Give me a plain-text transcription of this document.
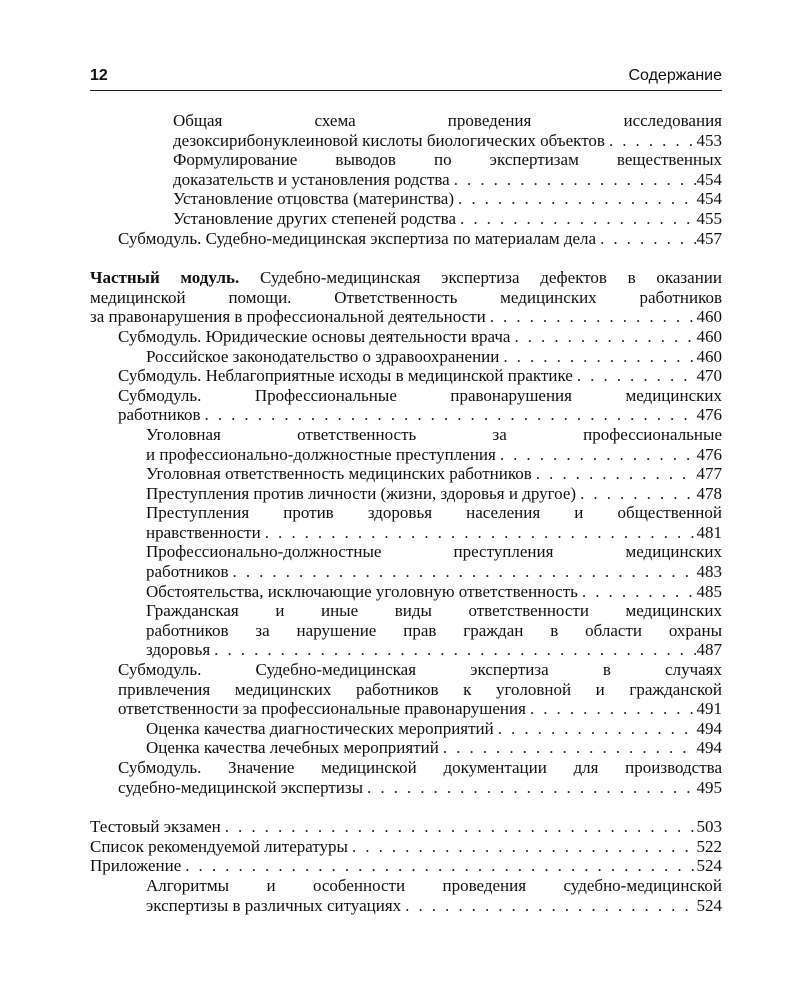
12	Содержание
Общая схема проведения исследования
дезоксирибонуклеиновой кислоты биологических объектов . . .	453
Формулирование выводов по экспертизам вещественных
доказательств и установления родства . . .	454
Установление отцовства (материнства) . . .	454
Установление других степеней родства . . .	455
Субмодуль. Судебно-медицинская экспертиза по материалам дела . . .	457
Частный модуль. Судебно-медицинская экспертиза дефектов в оказании
медицинской помощи. Ответственность медицинских работников
за правонарушения в профессиональной деятельности . . .	460
Субмодуль. Юридические основы деятельности врача . . .	460
Российское законодательство о здравоохранении . . .	460
Субмодуль. Неблагоприятные исходы в медицинской практике . . .	470
Субмодуль. Профессиональные правонарушения медицинских
работников . . .	476
Уголовная ответственность за профессиональные
и профессионально-должностные преступления . . .	476
Уголовная ответственность медицинских работников . . .	477
Преступления против личности (жизни, здоровья и другое) . . .	478
Преступления против здоровья населения и общественной
нравственности . . .	481
Профессионально-должностные преступления медицинских
работников . . .	483
Обстоятельства, исключающие уголовную ответственность . . .	485
Гражданская и иные виды ответственности медицинских
работников за нарушение прав граждан в области охраны
здоровья . . .	487
Субмодуль. Судебно-медицинская экспертиза в случаях
привлечения медицинских работников к уголовной и гражданской
ответственности за профессиональные правонарушения . . .	491
Оценка качества диагностических мероприятий . . .	494
Оценка качества лечебных мероприятий . . .	494
Субмодуль. Значение медицинской документации для производства
судебно-медицинской экспертизы . . .	495
Тестовый экзамен . . .	503
Список рекомендуемой литературы . . .	522
Приложение . . .	524
Алгоритмы и особенности проведения судебно-медицинской
экспертизы в различных ситуациях . . .	524
